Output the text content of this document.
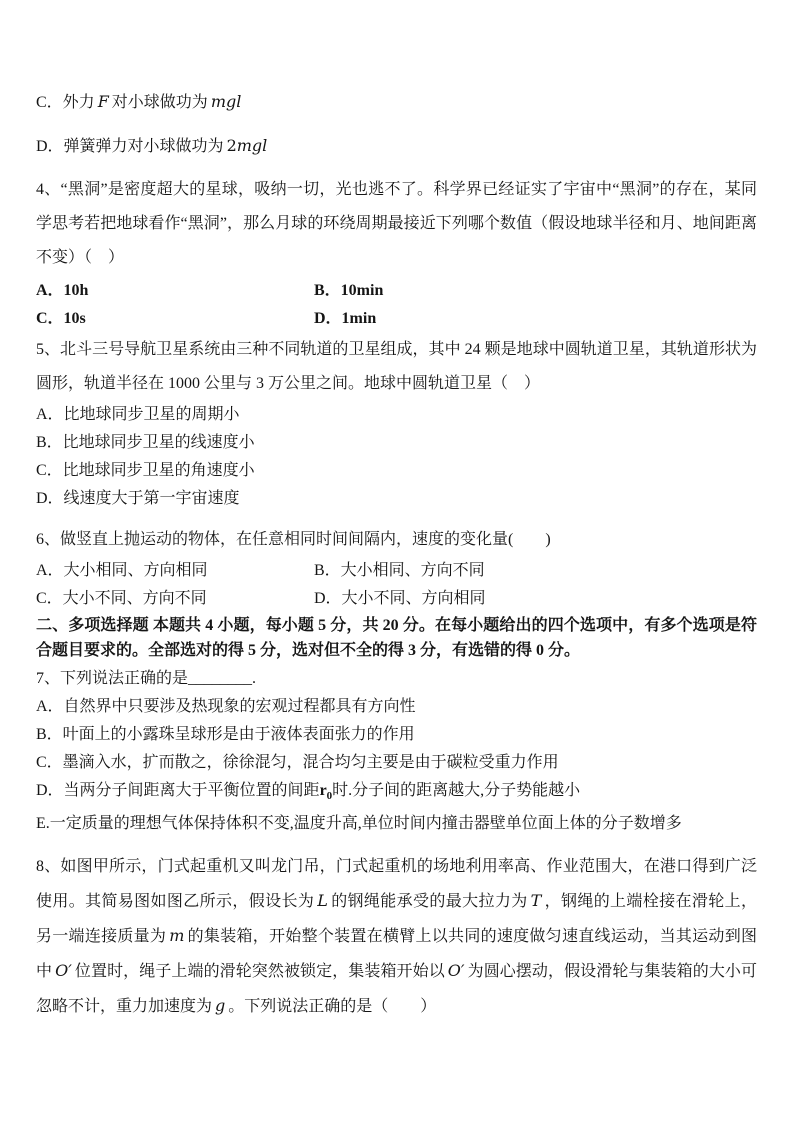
C．外力 F 对小球做功为 mgl
D．弹簧弹力对小球做功为 2mgl
4、“黑洞”是密度超大的星球，吸纳一切，光也逃不了。科学界已经证实了宇宙中“黑洞”的存在，某同学思考若把地球看作“黑洞”，那么月球的环绕周期最接近下列哪个数值（假设地球半径和月、地间距离不变）（　）
A．10h	B．10min
C．10s	D．1min
5、北斗三号导航卫星系统由三种不同轨道的卫星组成，其中 24 颗是地球中圆轨道卫星，其轨道形状为圆形，轨道半径在 1000 公里与 3 万公里之间。地球中圆轨道卫星（　）
A．比地球同步卫星的周期小
B．比地球同步卫星的线速度小
C．比地球同步卫星的角速度小
D．线速度大于第一宇宙速度
6、做竖直上抛运动的物体，在任意相同时间间隔内，速度的变化量(　　)
A．大小相同、方向相同	B．大小相同、方向不同
C．大小不同、方向不同	D．大小不同、方向相同
二、多项选择题 本题共 4 小题，每小题 5 分，共 20 分。在每小题给出的四个选项中，有多个选项是符合题目要求的。全部选对的得 5 分，选对但不全的得 3 分，有选错的得 0 分。
7、下列说法正确的是________.
A．自然界中只要涉及热现象的宏观过程都具有方向性
B．叶面上的小露珠呈球形是由于液体表面张力的作用
C．墨滴入水，扩而散之，徐徐混匀，混合均匀主要是由于碳粒受重力作用
D．当两分子间距离大于平衡位置的间距$r_0$时.分子间的距离越大,分子势能越小
E.一定质量的理想气体保持体积不变,温度升高,单位时间内撞击器壁单位面上体的分子数增多
8、如图甲所示，门式起重机又叫龙门吊，门式起重机的场地利用率高、作业范围大，在港口得到广泛使用。其简易图如图乙所示，假设长为 L 的钢绳能承受的最大拉力为 T ，钢绳的上端栓接在滑轮上，另一端连接质量为 m 的集装箱，开始整个装置在横臂上以共同的速度做匀速直线运动，当其运动到图中 O′ 位置时，绳子上端的滑轮突然被锁定，集装箱开始以 O′ 为圆心摆动，假设滑轮与集装箱的大小可忽略不计，重力加速度为 g 。下列说法正确的是（　　）
